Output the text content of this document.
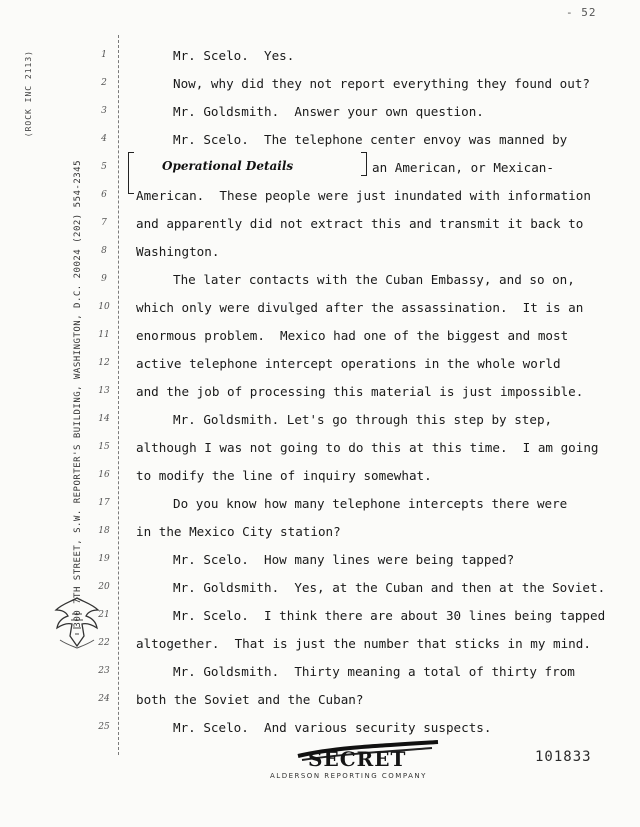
- 52
(ROCK INC 2113)
300 7TH STREET, S.W. REPORTER'S BUILDING, WASHINGTON, D.C. 20024 (202) 554-2345
1
2
3
4
5
6
7
8
9
10
11
12
13
14
15
16
17
18
19
20
21
22
23
24
25
Mr. Scelo.  Yes.
Now, why did they not report everything they found out?
Mr. Goldsmith.  Answer your own question.
Mr. Scelo.  The telephone center envoy was manned by
an American, or Mexican-
American.  These people were just inundated with information
and apparently did not extract this and transmit it back to
Washington.
The later contacts with the Cuban Embassy, and so on,
which only were divulged after the assassination.  It is an
enormous problem.  Mexico had one of the biggest and most
active telephone intercept operations in the whole world
and the job of processing this material is just impossible.
Mr. Goldsmith. Let's go through this step by step,
although I was not going to do this at this time.  I am going
to modify the line of inquiry somewhat.
Do you know how many telephone intercepts there were
in the Mexico City station?
Mr. Scelo.  How many lines were being tapped?
Mr. Goldsmith.  Yes, at the Cuban and then at the Soviet.
Mr. Scelo.  I think there are about 30 lines being tapped
altogether.  That is just the number that sticks in my mind.
Mr. Goldsmith.  Thirty meaning a total of thirty from
both the Soviet and the Cuban?
Mr. Scelo.  And various security suspects.
Operational Details
SECRET
ALDERSON REPORTING COMPANY
101833
